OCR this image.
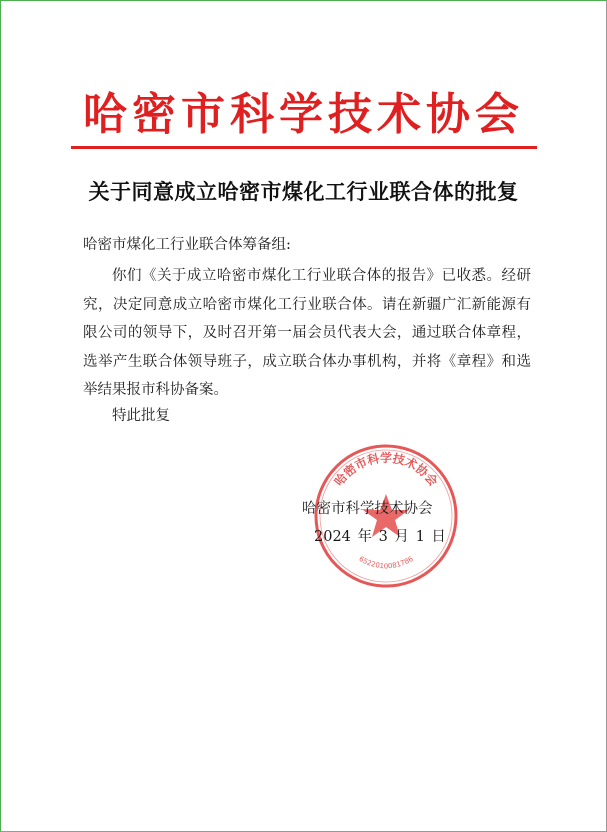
哈密市科学技术协会
关于同意成立哈密市煤化工行业联合体的批复
哈密市煤化工行业联合体筹备组:
你们《关于成立哈密市煤化工行业联合体的报告》已收悉。经研究，决定同意成立哈密市煤化工行业联合体。请在新疆广汇新能源有限公司的领导下，及时召开第一届会员代表大会，通过联合体章程，选举产生联合体领导班子，成立联合体办事机构，并将《章程》和选举结果报市科协备案。
特此批复
哈密市科学技术协会
6522010081786
哈密市科学技术协会
2024 年 3 月 1 日
